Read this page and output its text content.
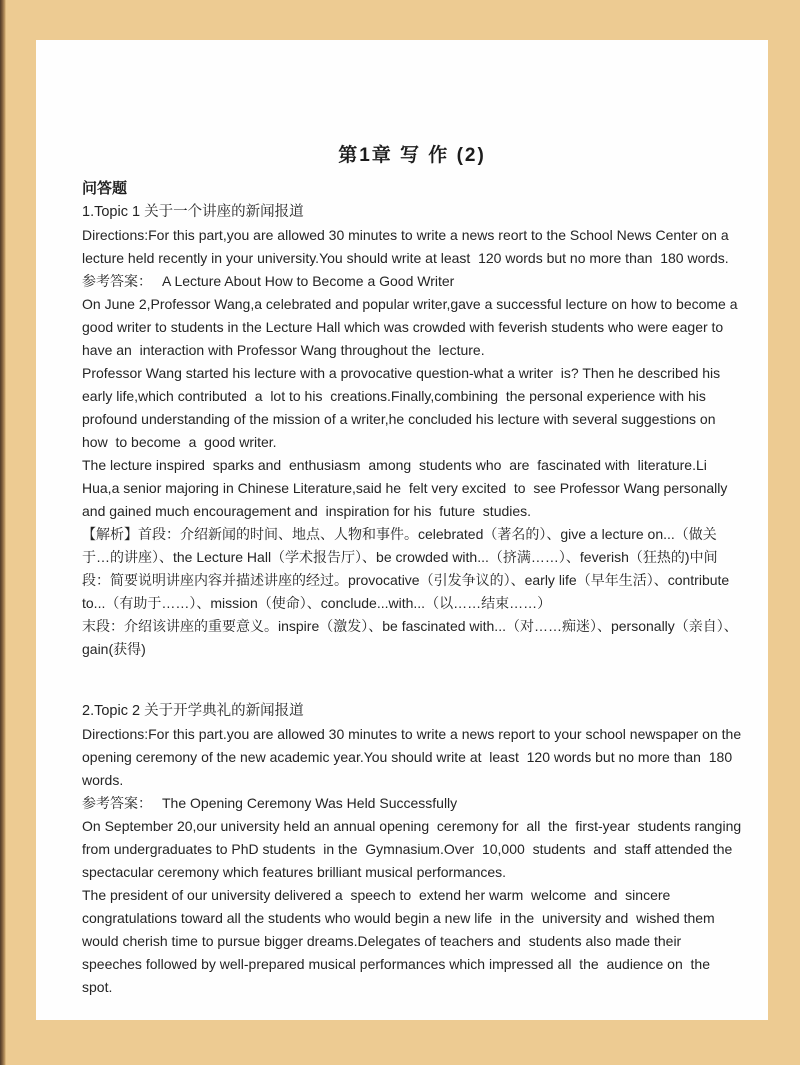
第1章 写 作 (2)
问答题
1.Topic 1 关于一个讲座的新闻报道

Directions:For this part,you are allowed 30 minutes to write a news reort to the School News Center on a lecture held recently in your university.You should write at least  120 words but no more than  180 words.

参考答案： A Lecture About How to Become a Good Writer

On June 2,Professor Wang,a celebrated and popular writer,gave a successful lecture on how to become a good writer to students in the Lecture Hall which was crowded with feverish students who were eager to have an  interaction with Professor Wang throughout the  lecture.

Professor Wang started his lecture with a provocative question-what a writer  is? Then he described his early life,which contributed  a  lot to his  creations.Finally,combining  the personal experience with his profound understanding of the mission of a writer,he concluded his lecture with several suggestions on  how  to become  a  good writer.

The lecture inspired  sparks and  enthusiasm  among  students who  are  fascinated with  literature.Li Hua,a senior majoring in Chinese Literature,said he  felt very excited  to  see Professor Wang personally and gained much encouragement and  inspiration for his  future  studies.

【解析】首段：介绍新闻的时间、地点、人物和事件。celebrated（著名的）、give a lecture on...（做关于…的讲座）、the Lecture Hall（学术报告厅）、be crowded with...（挤满……）、feverish（狂热的)中间段：简要说明讲座内容并描述讲座的经过。provocative（引发争议的）、early life（早年生活）、contribute to...（有助于……）、mission（使命）、conclude...with...（以……结束……）

末段：介绍该讲座的重要意义。inspire（激发）、be fascinated with...（对……痴迷）、personally（亲自）、gain(获得)

2.Topic 2 关于开学典礼的新闻报道

Directions:For this part.you are allowed 30 minutes to write a news report to your school newspaper on the opening ceremony of the new academic year.You should write at  least  120 words but no more than  180 words.

参考答案： The Opening Ceremony Was Held Successfully

On September 20,our university held an annual opening  ceremony for  all  the  first-year  students ranging from undergraduates to PhD students  in the  Gymnasium.Over  10,000  students  and  staff attended the spectacular ceremony which features brilliant musical performances.

The president of our university delivered a  speech to  extend her warm  welcome  and  sincere congratulations toward all the students who would begin a new life  in the  university and  wished them would cherish time to pursue bigger dreams.Delegates of teachers and  students also made their speeches followed by well-prepared musical performances which impressed all  the  audience on  the  spot.
